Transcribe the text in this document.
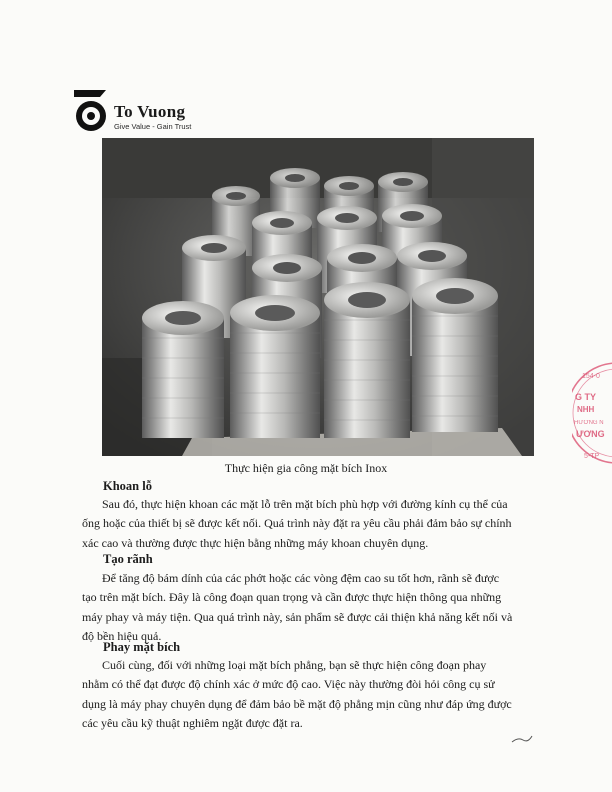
To Vuong
Give Value - Gain Trust
Thực hiện gia công mặt bích Inox
Khoan lỗ
Sau đó, thực hiện khoan các mặt lỗ trên mặt bích phù hợp với đường kính cụ thể của
ống hoặc của thiết bị sẽ được kết nối. Quá trình này đặt ra yêu cầu phải đảm bảo sự chính
xác cao và thường được thực hiện bằng những máy khoan chuyên dụng.
Tạo rãnh
Để tăng độ bám dính của các phớt hoặc các vòng đệm cao su tốt hơn, rãnh sẽ được
tạo trên mặt bích. Đây là công đoạn quan trọng và cần được thực hiện thông qua những
máy phay và máy tiện. Qua quá trình này, sản phẩm sẽ được cải thiện khả năng kết nối và
độ bền hiệu quả.
Phay mặt bích
Cuối cùng, đối với những loại mặt bích phẳng, bạn sẽ thực hiện công đoạn phay
nhằm có thể đạt được độ chính xác ở mức độ cao. Việc này thường đòi hỏi công cụ sử
dụng là máy phay chuyên dụng để đảm bảo bề mặt độ phẳng mịn cũng như đáp ứng được
các yêu cầu kỹ thuật nghiêm ngặt được đặt ra.
154-0
G TY
NHH
HƯƠNG N
ƯƠNG
5-TP
